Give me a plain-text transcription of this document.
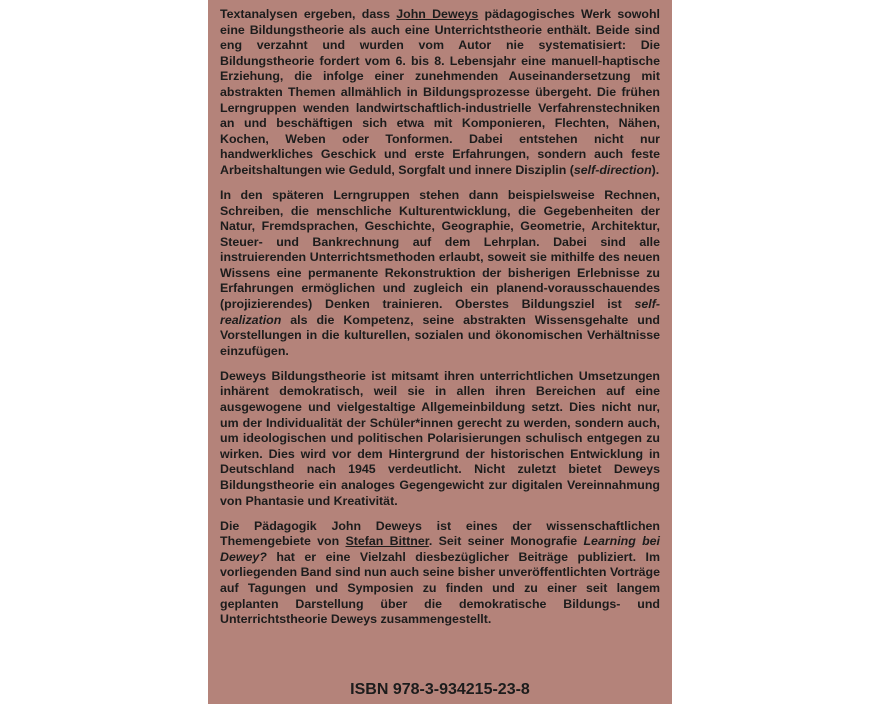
Textanalysen ergeben, dass John Deweys pädagogisches Werk sowohl eine Bildungstheorie als auch eine Unterrichtstheorie enthält. Beide sind eng verzahnt und wurden vom Autor nie systematisiert: Die Bildungstheorie fordert vom 6. bis 8. Lebensjahr eine manuell-haptische Erziehung, die infolge einer zunehmenden Auseinandersetzung mit abstrakten Themen allmählich in Bildungsprozesse übergeht. Die frühen Lerngruppen wenden landwirtschaftlich-industrielle Verfahrenstechniken an und beschäftigen sich etwa mit Komponieren, Flechten, Nähen, Kochen, Weben oder Tonformen. Dabei entstehen nicht nur handwerkliches Geschick und erste Erfahrungen, sondern auch feste Arbeitshaltungen wie Geduld, Sorgfalt und innere Disziplin (self-direction).

In den späteren Lerngruppen stehen dann beispielsweise Rechnen, Schreiben, die menschliche Kulturentwicklung, die Gegebenheiten der Natur, Fremdsprachen, Geschichte, Geographie, Geometrie, Architektur, Steuer- und Bankrechnung auf dem Lehrplan. Dabei sind alle instruierenden Unterrichtsmethoden erlaubt, soweit sie mithilfe des neuen Wissens eine permanente Rekonstruktion der bisherigen Erlebnisse zu Erfahrungen ermöglichen und zugleich ein planend-vorausschauendes (projizierendes) Denken trainieren. Oberstes Bildungsziel ist self-realization als die Kompetenz, seine abstrakten Wissensgehalte und Vorstellungen in die kulturellen, sozialen und ökonomischen Verhältnisse einzufügen.

Deweys Bildungstheorie ist mitsamt ihren unterrichtlichen Umsetzungen inhärent demokratisch, weil sie in allen ihren Bereichen auf eine ausgewogene und vielgestaltige Allgemeinbildung setzt. Dies nicht nur, um der Individualität der Schüler*innen gerecht zu werden, sondern auch, um ideologischen und politischen Polarisierungen schulisch entgegen zu wirken. Dies wird vor dem Hintergrund der historischen Entwicklung in Deutschland nach 1945 verdeutlicht. Nicht zuletzt bietet Deweys Bildungstheorie ein analoges Gegengewicht zur digitalen Vereinnahmung von Phantasie und Kreativität.

Die Pädagogik John Deweys ist eines der wissenschaftlichen Themengebiete von Stefan Bittner. Seit seiner Monografie Learning bei Dewey? hat er eine Vielzahl diesbezüglicher Beiträge publiziert. Im vorliegenden Band sind nun auch seine bisher unveröffentlichten Vorträge auf Tagungen und Symposien zu finden und zu einer seit langem geplanten Darstellung über die demokratische Bildungs- und Unterrichtstheorie Deweys zusammengestellt.

ISBN 978-3-934215-23-8
